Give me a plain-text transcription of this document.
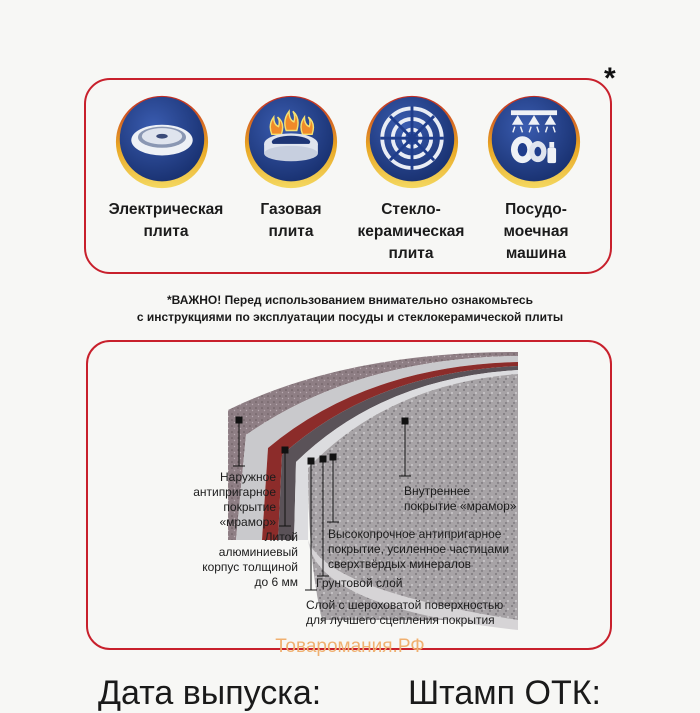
*
Электрическая
плита
Газовая
плита
Стекло-
керамическая
плита
Посудо-
моечная
машина
*ВАЖНО! Перед использованием внимательно ознакомьтесь
с инструкциями по эксплуатации посуды и стеклокерамической плиты
Наружное
антипригарное
покрытие
«мрамор»
Литой
алюминиевый
корпус толщиной
до 6 мм
Внутреннее
покрытие «мрамор»
Высокопрочное антипригарное
покрытие, усиленное частицами
сверхтвёрдых минералов
Грунтовой слой
Слой с шероховатой поверхностью
для лучшего сцепления покрытия
Товаромания.РФ
Дата выпуска:	Штамп ОТК:
